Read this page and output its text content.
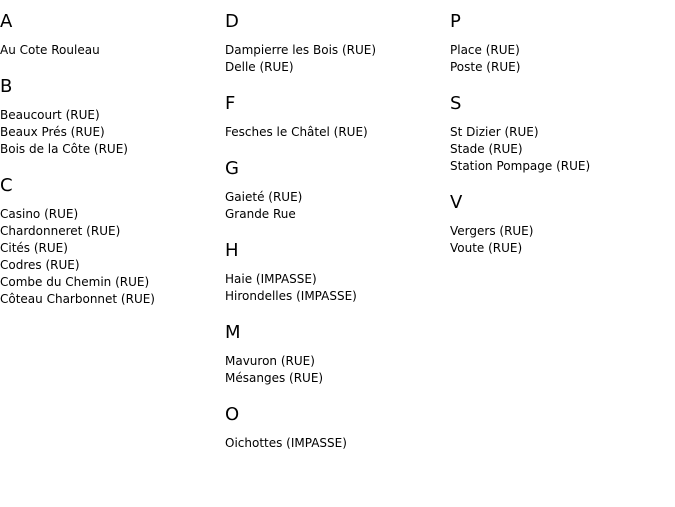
A
Au Cote Rouleau
B
Beaucourt (RUE)
Beaux Prés (RUE)
Bois de la Côte (RUE)
C
Casino (RUE)
Chardonneret (RUE)
Cités (RUE)
Codres (RUE)
Combe du Chemin (RUE)
Côteau Charbonnet (RUE)
D
Dampierre les Bois (RUE)
Delle (RUE)
F
Fesches le Châtel (RUE)
G
Gaieté (RUE)
Grande Rue
H
Haie (IMPASSE)
Hirondelles (IMPASSE)
M
Mavuron (RUE)
Mésanges (RUE)
O
Oichottes (IMPASSE)
P
Place (RUE)
Poste (RUE)
S
St Dizier (RUE)
Stade (RUE)
Station Pompage (RUE)
V
Vergers (RUE)
Voute (RUE)
